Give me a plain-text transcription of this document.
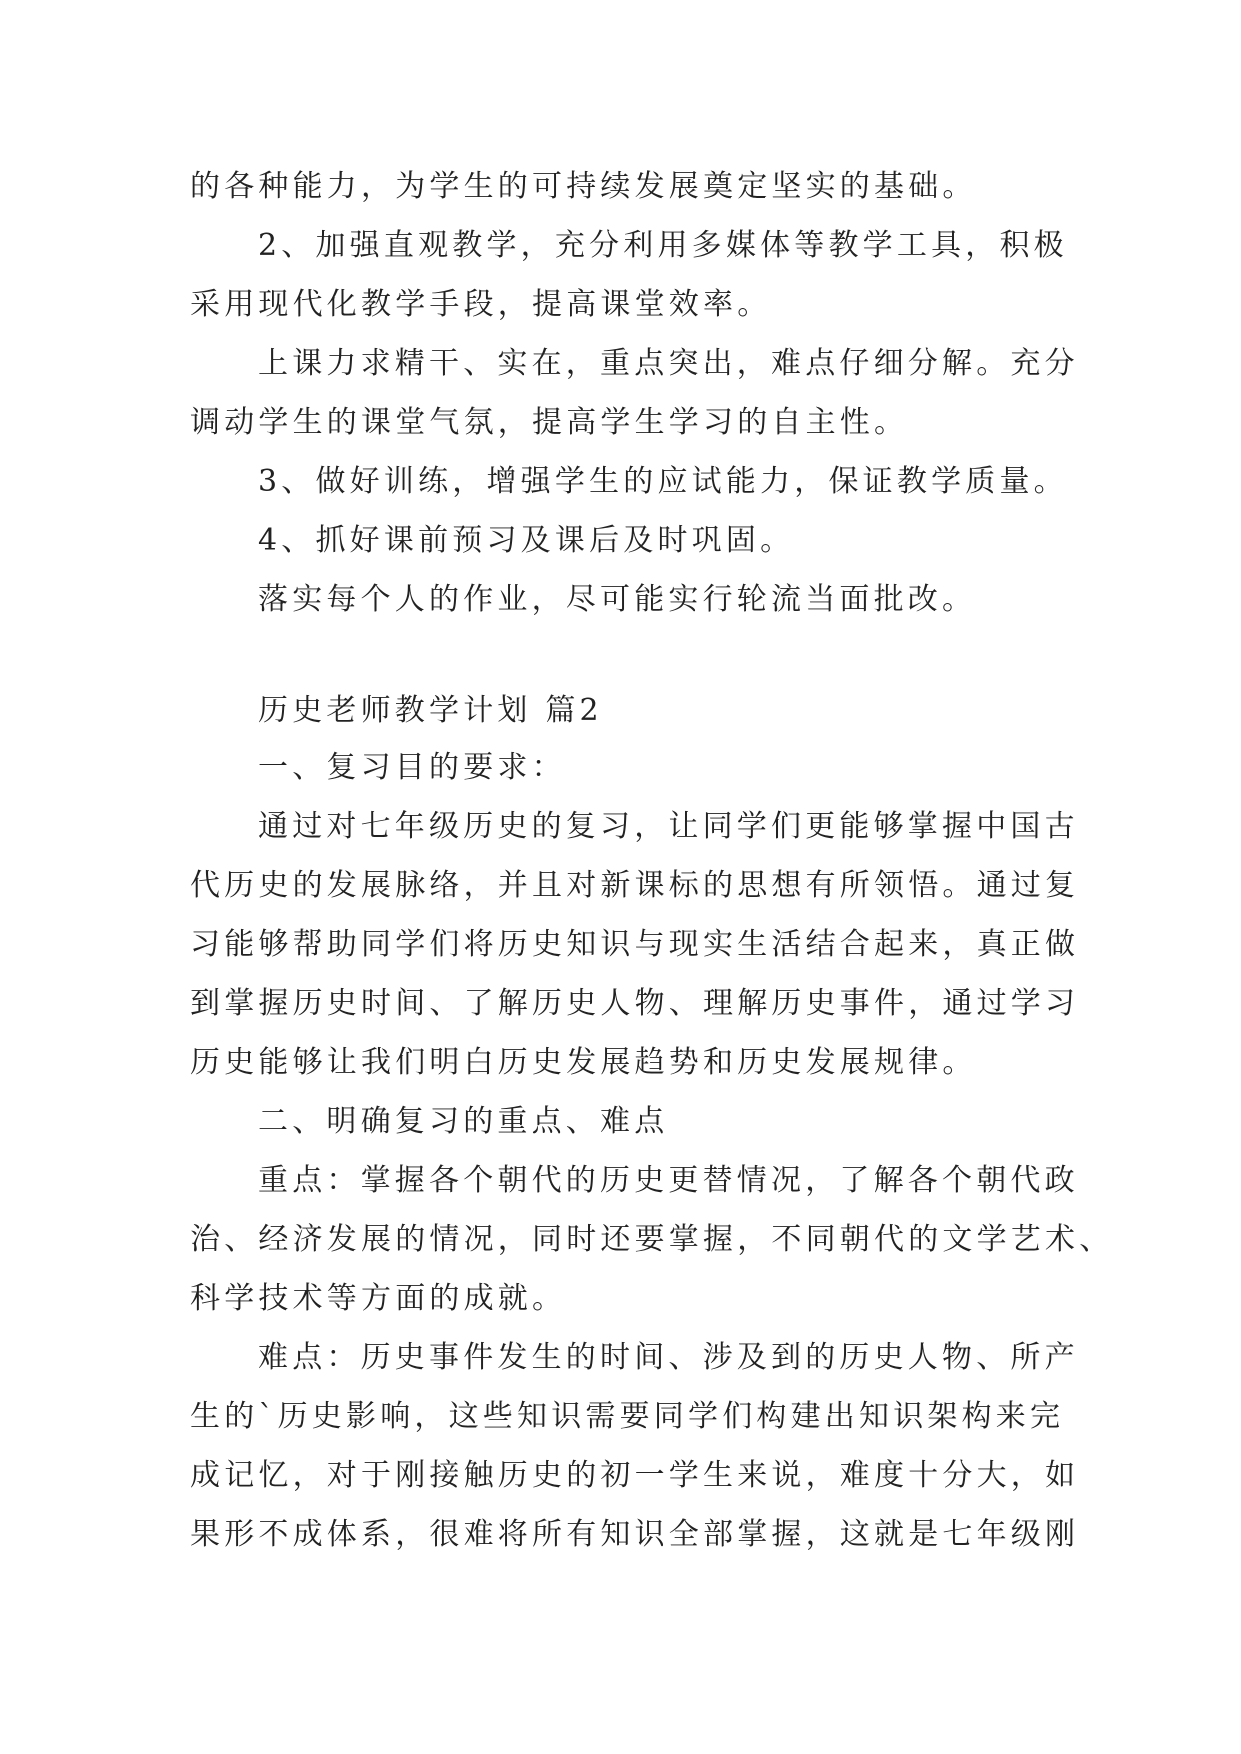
的各种能力，为学生的可持续发展奠定坚实的基础。
2、加强直观教学，充分利用多媒体等教学工具，积极
采用现代化教学手段，提高课堂效率。
上课力求精干、实在，重点突出，难点仔细分解。充分
调动学生的课堂气氛，提高学生学习的自主性。
3、做好训练，增强学生的应试能力，保证教学质量。
4、抓好课前预习及课后及时巩固。
落实每个人的作业，尽可能实行轮流当面批改。
历史老师教学计划 篇2
一、复习目的要求：
通过对七年级历史的复习，让同学们更能够掌握中国古
代历史的发展脉络，并且对新课标的思想有所领悟。通过复
习能够帮助同学们将历史知识与现实生活结合起来，真正做
到掌握历史时间、了解历史人物、理解历史事件，通过学习
历史能够让我们明白历史发展趋势和历史发展规律。
二、明确复习的重点、难点
重点：掌握各个朝代的历史更替情况，了解各个朝代政
治、经济发展的情况，同时还要掌握，不同朝代的文学艺术、
科学技术等方面的成就。
难点：历史事件发生的时间、涉及到的历史人物、所产
生的`历史影响，这些知识需要同学们构建出知识架构来完
成记忆，对于刚接触历史的初一学生来说，难度十分大，如
果形不成体系，很难将所有知识全部掌握，这就是七年级刚
